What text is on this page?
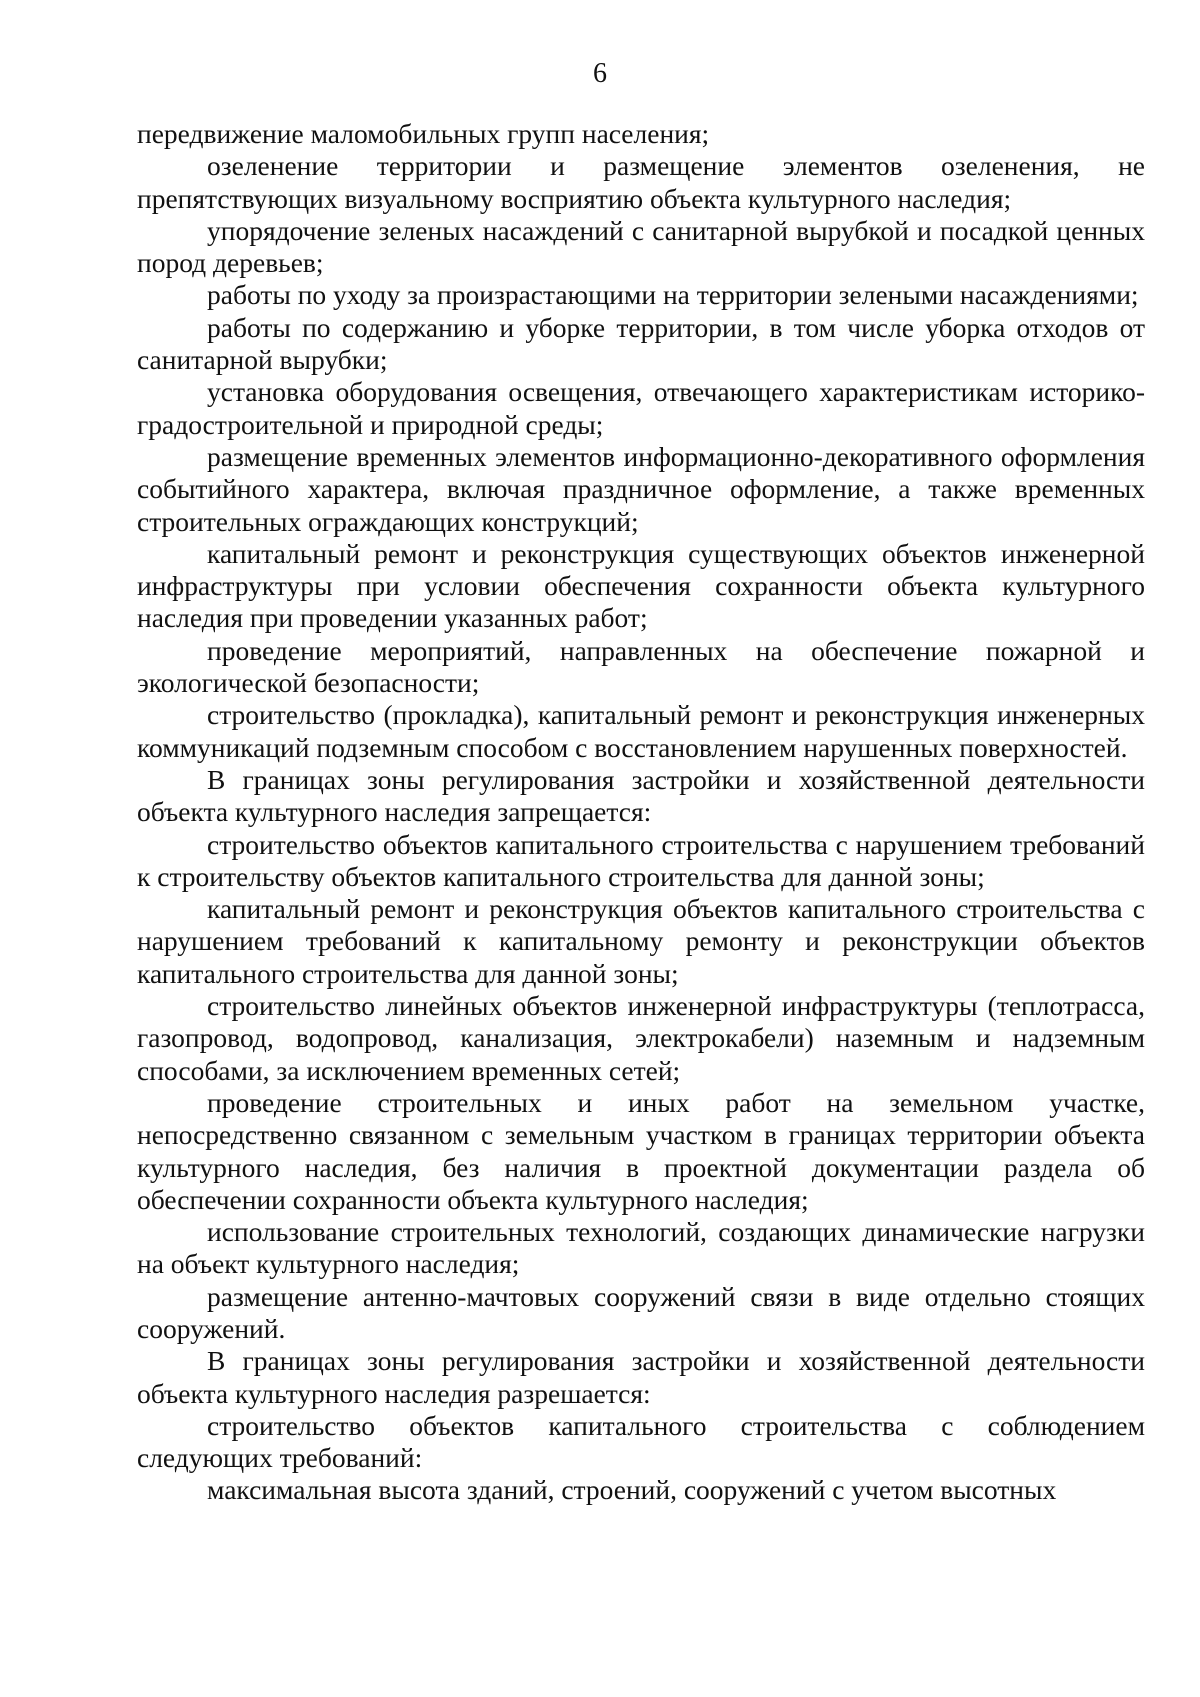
6

передвижение маломобильных групп населения;

озеленение территории и размещение элементов озеленения, не препятствующих визуальному восприятию объекта культурного наследия;

упорядочение зеленых насаждений с санитарной вырубкой и посадкой ценных пород деревьев;

работы по уходу за произрастающими на территории зелеными насаждениями;

работы по содержанию и уборке территории, в том числе уборка отходов от санитарной вырубки;

установка оборудования освещения, отвечающего характеристикам историко-градостроительной и природной среды;

размещение временных элементов информационно-декоративного оформления событийного характера, включая праздничное оформление, а также временных строительных ограждающих конструкций;

капитальный ремонт и реконструкция существующих объектов инженерной инфраструктуры при условии обеспечения сохранности объекта культурного наследия при проведении указанных работ;

проведение мероприятий, направленных на обеспечение пожарной и экологической безопасности;

строительство (прокладка), капитальный ремонт и реконструкция инженерных коммуникаций подземным способом с восстановлением нарушенных поверхностей.

В границах зоны регулирования застройки и хозяйственной деятельности объекта культурного наследия запрещается:

строительство объектов капитального строительства с нарушением требований к строительству объектов капитального строительства для данной зоны;

капитальный ремонт и реконструкция объектов капитального строительства с нарушением требований к капитальному ремонту и реконструкции объектов капитального строительства для данной зоны;

строительство линейных объектов инженерной инфраструктуры (теплотрасса, газопровод, водопровод, канализация, электрокабели) наземным и надземным способами, за исключением временных сетей;

проведение строительных и иных работ на земельном участке, непосредственно связанном с земельным участком в границах территории объекта культурного наследия, без наличия в проектной документации раздела об обеспечении сохранности объекта культурного наследия;

использование строительных технологий, создающих динамические нагрузки на объект культурного наследия;

размещение антенно-мачтовых сооружений связи в виде отдельно стоящих сооружений.

В границах зоны регулирования застройки и хозяйственной деятельности объекта культурного наследия разрешается:

строительство объектов капитального строительства с соблюдением следующих требований:

максимальная высота зданий, строений, сооружений с учетом высотных
